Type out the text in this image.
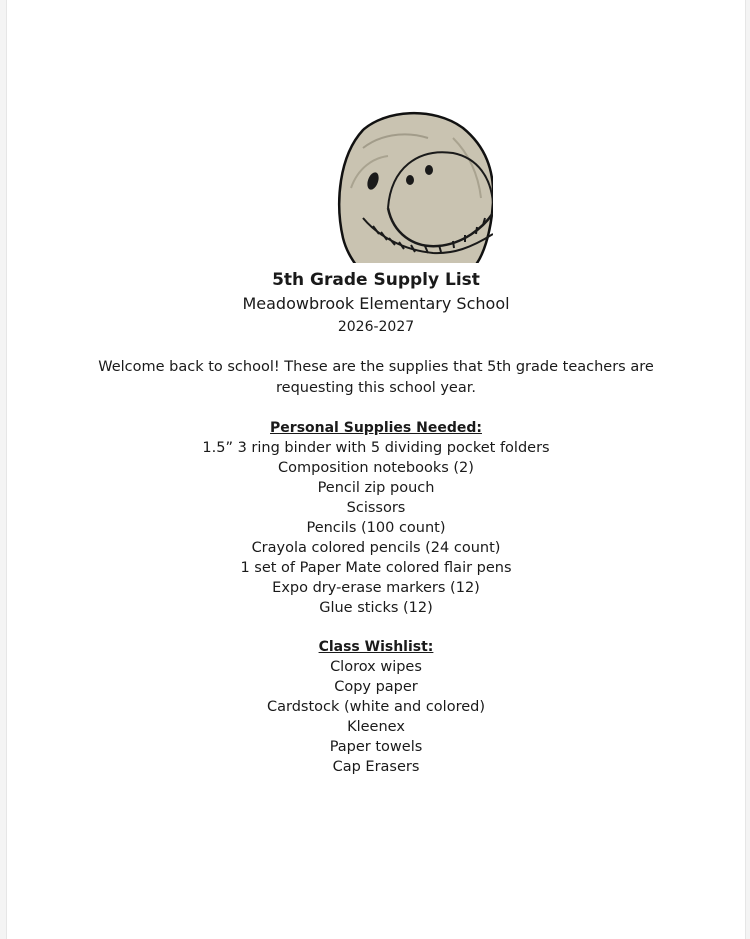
5th Grade Supply List

Meadowbrook Elementary School

2026-2027

Welcome back to school! These are the supplies that 5th grade teachers are
requesting this school year.

Personal Supplies Needed:

1.5” 3 ring binder with 5 dividing pocket folders
Composition notebooks (2)
Pencil zip pouch
Scissors
Pencils (100 count)
Crayola colored pencils (24 count)
1 set of Paper Mate colored flair pens
Expo dry-erase markers (12)
Glue sticks (12)

Class Wishlist:

Clorox wipes
Copy paper
Cardstock (white and colored)
Kleenex
Paper towels
Cap Erasers
